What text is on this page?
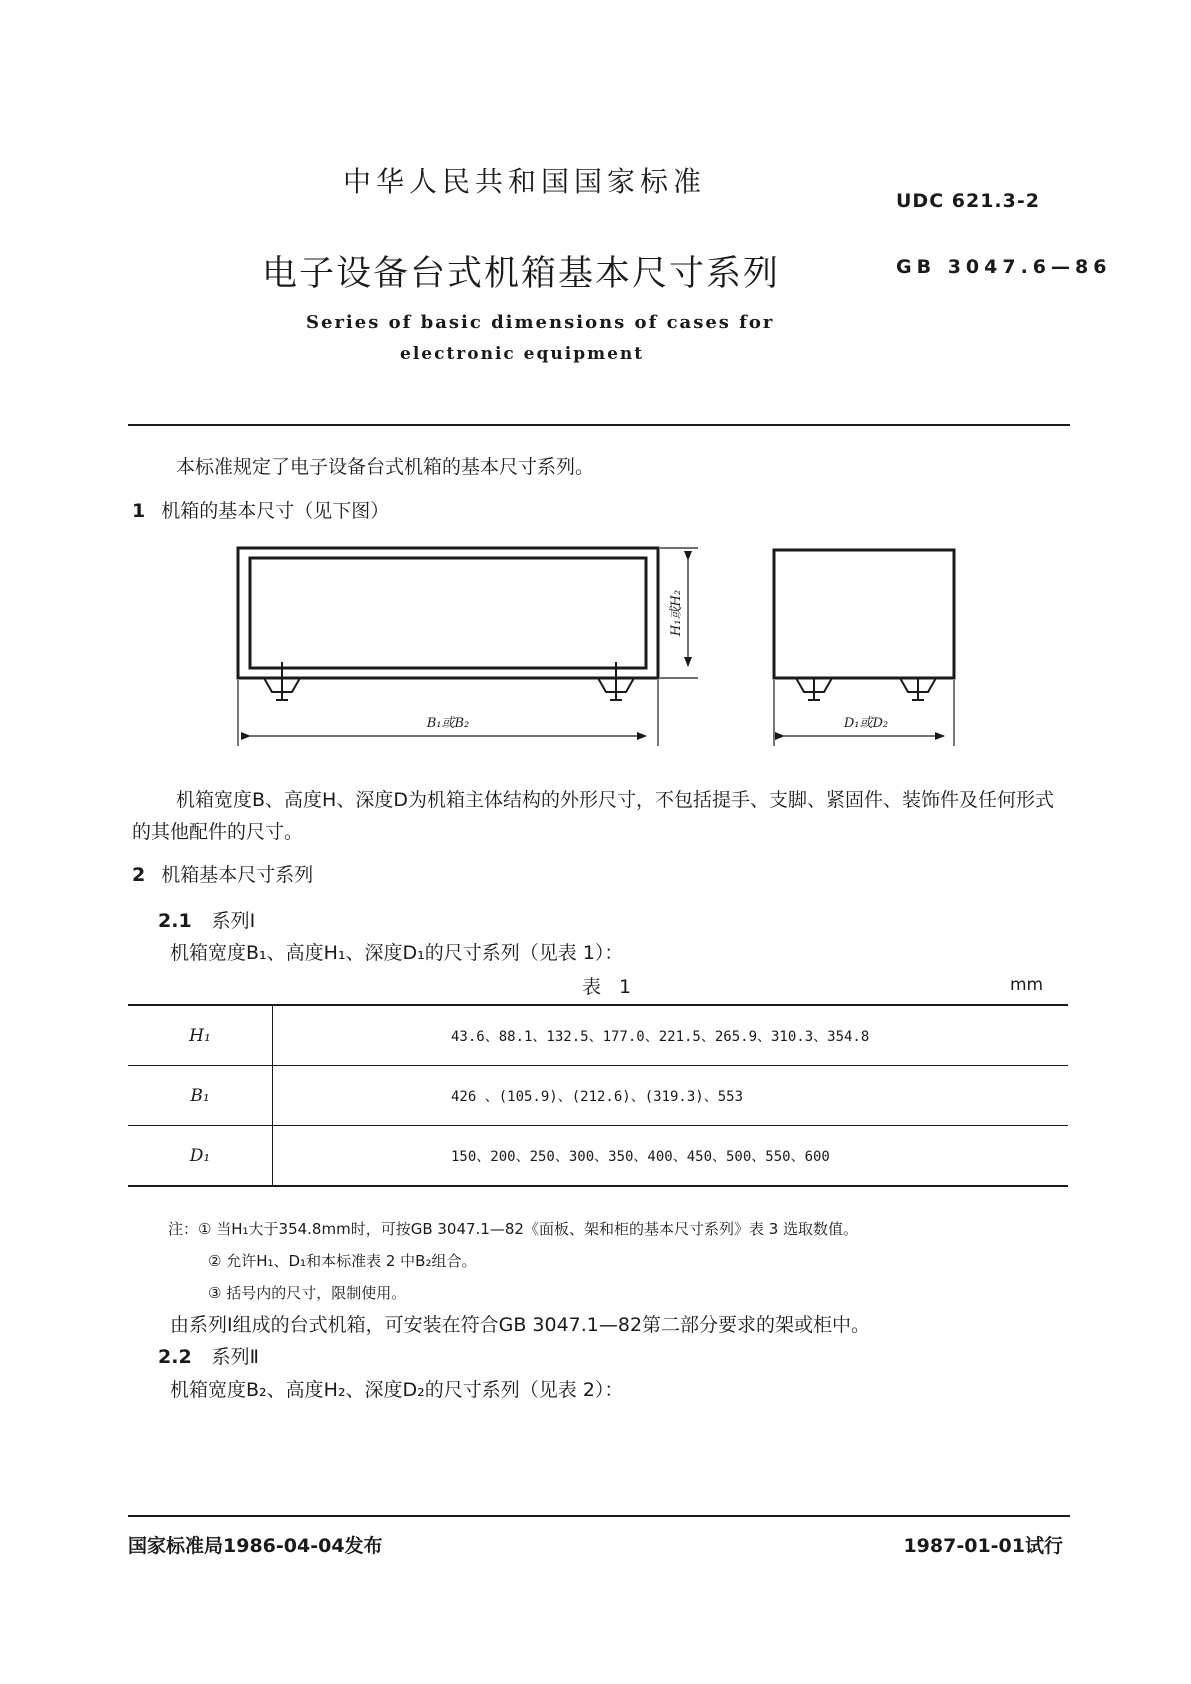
中华人民共和国国家标准
UDC 621.3-2
电子设备台式机箱基本尺寸系列	GB 3047.6—86
Series of basic dimensions of cases for
electronic equipment
本标准规定了电子设备台式机箱的基本尺寸系列。
1 机箱的基本尺寸（见下图）
H₁或H₂
B₁或B₂	D₁或D₂
机箱宽度B、高度H、深度D为机箱主体结构的外形尺寸，不包括提手、支脚、紧固件、装饰件及任何形式的其他配件的尺寸。
2 机箱基本尺寸系列
2.1 系列Ⅰ
机箱宽度B₁、高度H₁、深度D₁的尺寸系列（见表 1）：
表 1	mm
H₁	43.6、88.1、132.5、177.0、221.5、265.9、310.3、354.8
B₁	426 、(105.9)、(212.6)、(319.3)、553
D₁	150、200、250、300、350、400、450、500、550、600
注：① 当H₁大于354.8mm时，可按GB 3047.1—82《面板、架和柜的基本尺寸系列》表 3 选取数值。
② 允许H₁、D₁和本标准表 2 中B₂组合。
③ 括号内的尺寸，限制使用。
由系列Ⅰ组成的台式机箱，可安装在符合GB 3047.1—82第二部分要求的架或柜中。
2.2 系列Ⅱ
机箱宽度B₂、高度H₂、深度D₂的尺寸系列（见表 2）：
国家标准局1986-04-04发布	1987-01-01试行
